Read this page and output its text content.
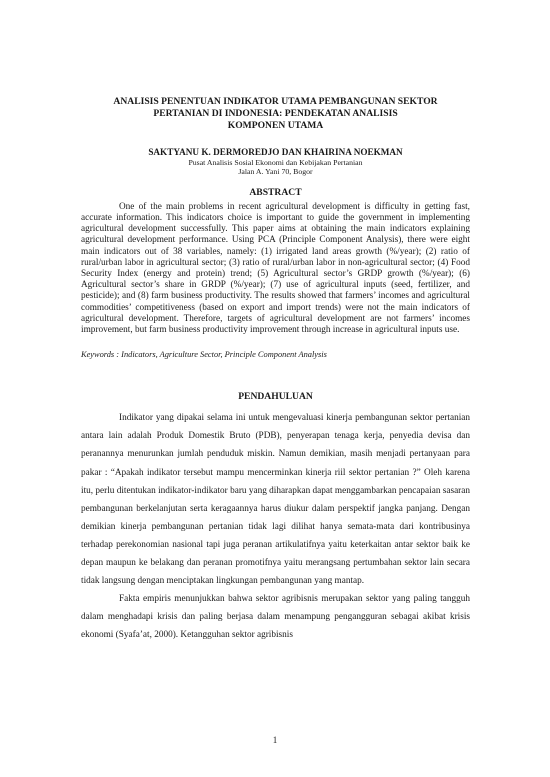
ANALISIS PENENTUAN INDIKATOR UTAMA PEMBANGUNAN SEKTOR

PERTANIAN DI INDONESIA: PENDEKATAN ANALISIS

KOMPONEN UTAMA

SAKTYANU K. DERMOREDJO DAN KHAIRINA NOEKMAN

Pusat Analisis Sosial Ekonomi dan Kebijakan Pertanian

Jalan A. Yani 70, Bogor

ABSTRACT

One of the main problems in recent agricultural development is difficulty in getting fast, accurate information. This indicators choice is important to guide the government in implementing agricultural development successfully. This paper aims at obtaining the main indicators explaining agricultural development performance. Using PCA (Principle Component Analysis), there were eight main indicators out of 38 variables, namely: (1) irrigated land areas growth (%/year); (2) ratio of rural/urban labor in agricultural sector; (3) ratio of rural/urban labor in non-agricultural sector; (4) Food Security Index (energy and protein) trend; (5) Agricultural sector’s GRDP growth (%/year); (6) Agricultural sector’s share in GRDP (%/year); (7) use of agricultural inputs (seed, fertilizer, and pesticide); and (8) farm business productivity. The results showed that farmers’ incomes and agricultural commodities’ competitiveness (based on export and import trends) were not the main indicators of agricultural development. Therefore, targets of agricultural development are not farmers’ incomes improvement, but farm business productivity improvement through increase in agricultural inputs use.

Keywords : Indicators, Agriculture Sector, Principle Component Analysis

PENDAHULUAN

Indikator yang dipakai selama ini untuk mengevaluasi kinerja pembangunan sektor pertanian antara lain adalah Produk Domestik Bruto (PDB), penyerapan tenaga kerja, penyedia devisa dan peranannya menurunkan jumlah penduduk miskin. Namun demikian, masih menjadi pertanyaan para pakar : “Apakah indikator tersebut mampu mencerminkan kinerja riil sektor pertanian ?” Oleh karena itu, perlu ditentukan indikator-indikator baru yang diharapkan dapat menggambarkan pencapaian sasaran pembangunan berkelanjutan serta keragaannya harus diukur dalam perspektif jangka panjang. Dengan demikian kinerja pembangunan pertanian tidak lagi dilihat hanya semata-mata dari kontribusinya terhadap perekonomian nasional tapi juga peranan artikulatifnya yaitu keterkaitan antar sektor baik ke depan maupun ke belakang dan peranan promotifnya yaitu merangsang pertumbahan sektor lain secara tidak langsung dengan menciptakan lingkungan pembangunan yang mantap.

Fakta empiris menunjukkan bahwa sektor agribisnis merupakan sektor yang paling tangguh dalam menghadapi krisis dan paling berjasa dalam menampung pengangguran sebagai akibat krisis ekonomi (Syafa’at, 2000). Ketangguhan sektor agribisnis

1
